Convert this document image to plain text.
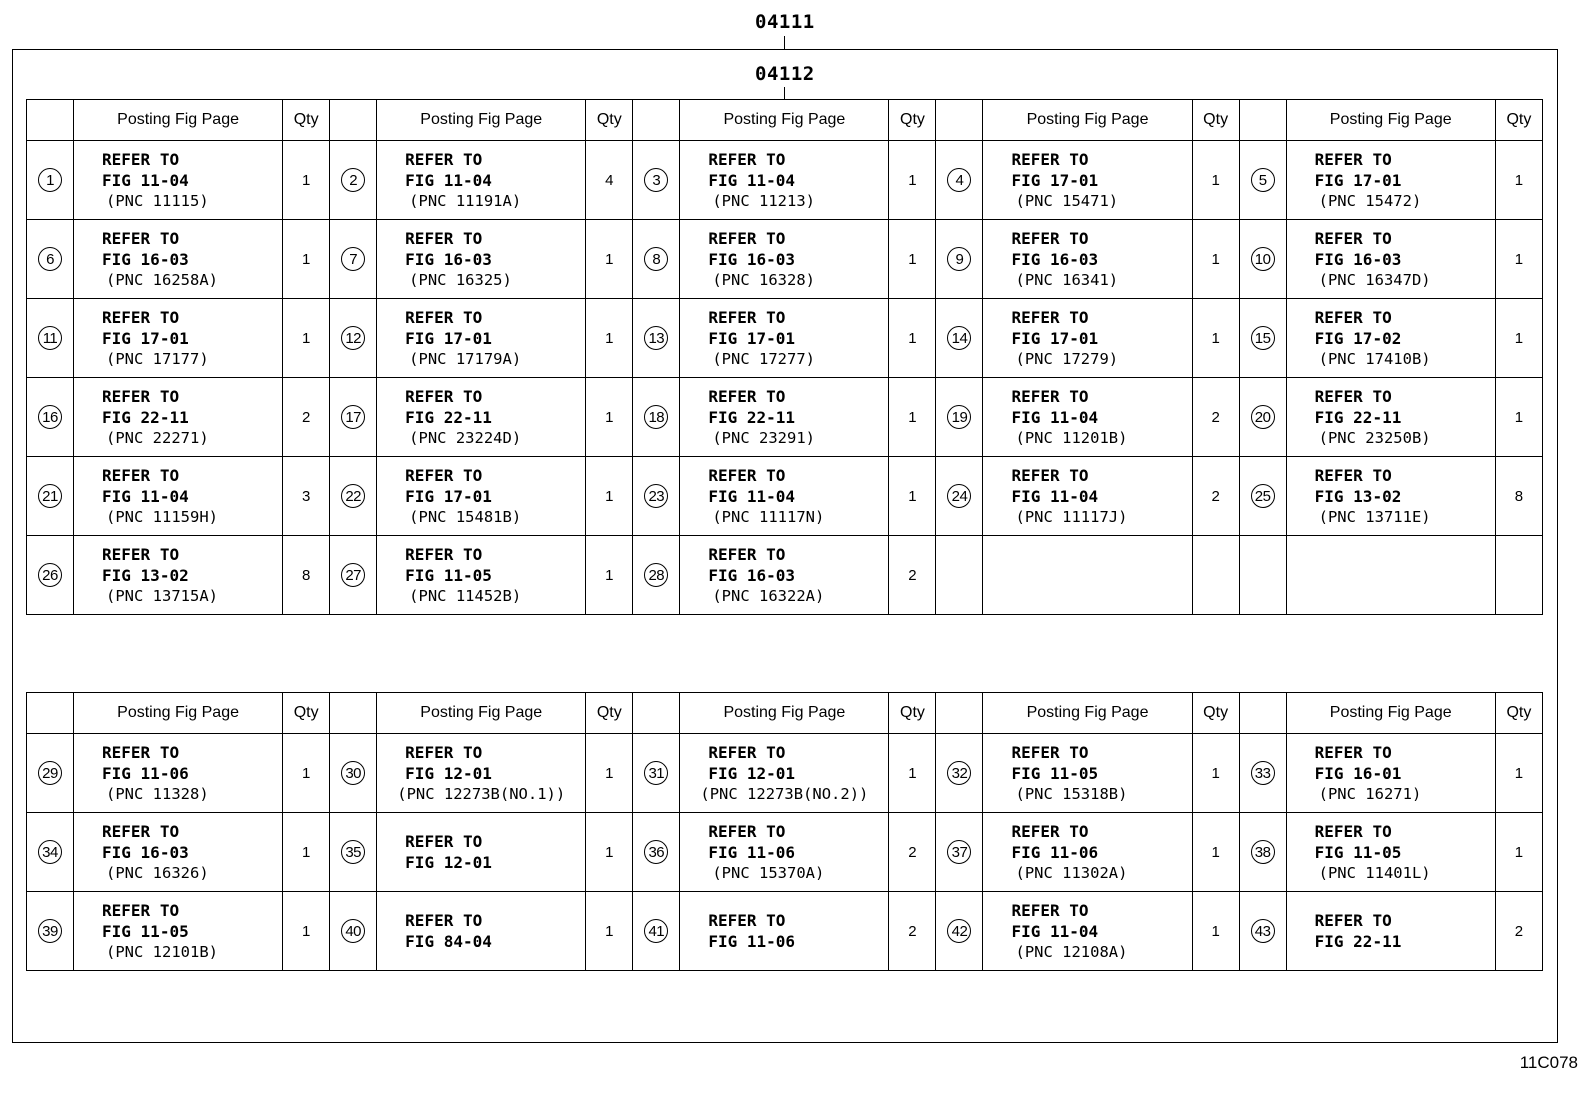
04111
04112
	Posting Fig Page	Qty		Posting Fig Page	Qty		Posting Fig Page	Qty		Posting Fig Page	Qty		Posting Fig Page	Qty
1	REFER TO
FIG 11-04
(PNC 11115)	1	2	REFER TO
FIG 11-04
(PNC 11191A)	4	3	REFER TO
FIG 11-04
(PNC 11213)	1	4	REFER TO
FIG 17-01
(PNC 15471)	1	5	REFER TO
FIG 17-01
(PNC 15472)	1
6	REFER TO
FIG 16-03
(PNC 16258A)	1	7	REFER TO
FIG 16-03
(PNC 16325)	1	8	REFER TO
FIG 16-03
(PNC 16328)	1	9	REFER TO
FIG 16-03
(PNC 16341)	1	10	REFER TO
FIG 16-03
(PNC 16347D)	1
11	REFER TO
FIG 17-01
(PNC 17177)	1	12	REFER TO
FIG 17-01
(PNC 17179A)	1	13	REFER TO
FIG 17-01
(PNC 17277)	1	14	REFER TO
FIG 17-01
(PNC 17279)	1	15	REFER TO
FIG 17-02
(PNC 17410B)	1
16	REFER TO
FIG 22-11
(PNC 22271)	2	17	REFER TO
FIG 22-11
(PNC 23224D)	1	18	REFER TO
FIG 22-11
(PNC 23291)	1	19	REFER TO
FIG 11-04
(PNC 11201B)	2	20	REFER TO
FIG 22-11
(PNC 23250B)	1
21	REFER TO
FIG 11-04
(PNC 11159H)	3	22	REFER TO
FIG 17-01
(PNC 15481B)	1	23	REFER TO
FIG 11-04
(PNC 11117N)	1	24	REFER TO
FIG 11-04
(PNC 11117J)	2	25	REFER TO
FIG 13-02
(PNC 13711E)	8
26	REFER TO
FIG 13-02
(PNC 13715A)	8	27	REFER TO
FIG 11-05
(PNC 11452B)	1	28	REFER TO
FIG 16-03
(PNC 16322A)	2		

	Posting Fig Page	Qty		Posting Fig Page	Qty		Posting Fig Page	Qty		Posting Fig Page	Qty		Posting Fig Page	Qty
29	REFER TO
FIG 11-06
(PNC 11328)	1	30	REFER TO
FIG 12-01
(PNC 12273B(NO.1))	1	31	REFER TO
FIG 12-01
(PNC 12273B(NO.2))	1	32	REFER TO
FIG 11-05
(PNC 15318B)	1	33	REFER TO
FIG 16-01
(PNC 16271)	1
34	REFER TO
FIG 16-03
(PNC 16326)	1	35	REFER TO
FIG 12-01	1	36	REFER TO
FIG 11-06
(PNC 15370A)	2	37	REFER TO
FIG 11-06
(PNC 11302A)	1	38	REFER TO
FIG 11-05
(PNC 11401L)	1
39	REFER TO
FIG 11-05
(PNC 12101B)	1	40	REFER TO
FIG 84-04	1	41	REFER TO
FIG 11-06	2	42	REFER TO
FIG 11-04
(PNC 12108A)	1	43	REFER TO
FIG 22-11	2
11C078
